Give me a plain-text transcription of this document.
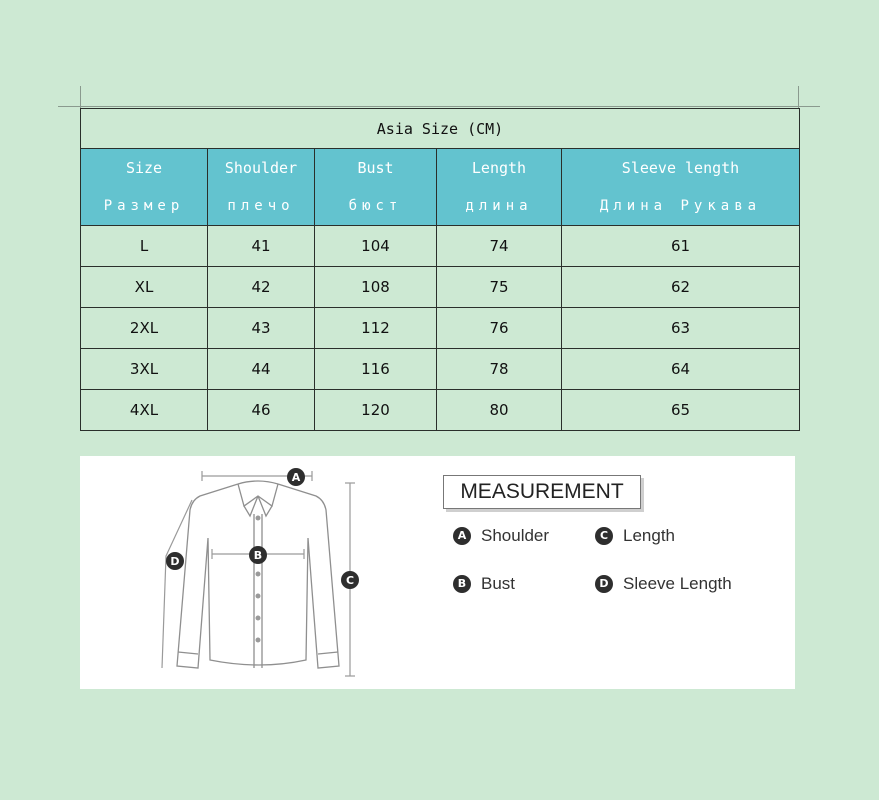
Asia Size (CM)				
Size	Shoulder	Bust	Length	Sleeve length
Размер	плечо	бюст	длина	Длина Рукава
L	41	104	74	61
XL	42	108	75	62
2XL	43	112	76	63
3XL	44	116	78	64
4XL	46	120	80	65
A
B
C
D
MEASUREMENT
A Shoulder	C Length
B Bust	D Sleeve Length
